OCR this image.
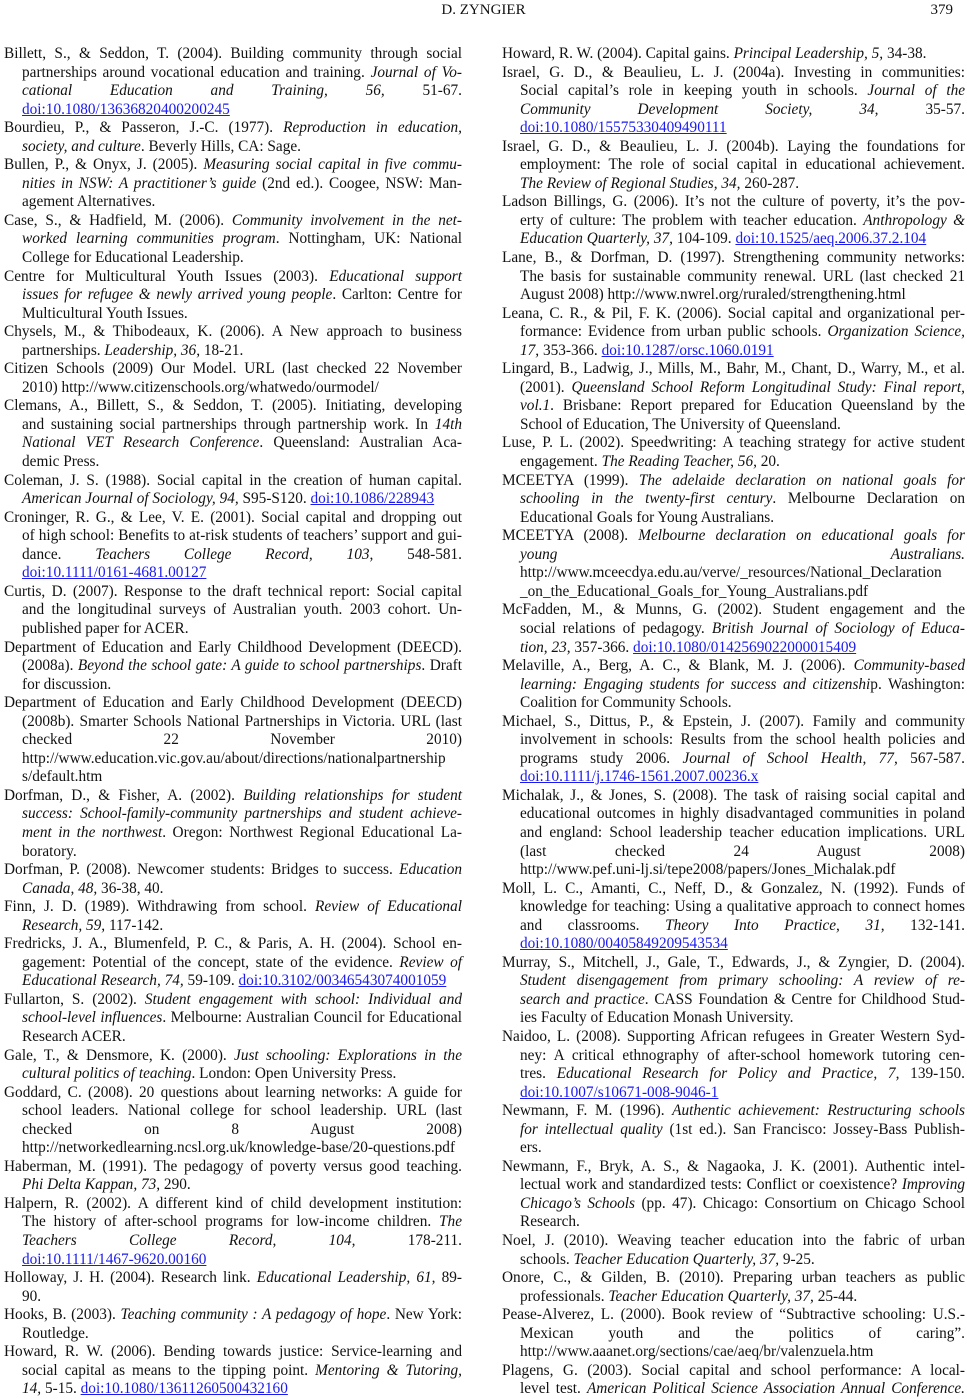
D. ZYNGIER	379
Billett, S., & Seddon, T. (2004). Building community through social
partnerships around vocational education and training. Journal of Vo-
cational Education and Training, 56, 51-67.
doi:10.1080/13636820400200245
Bourdieu, P., & Passeron, J.-C. (1977). Reproduction in education,
society, and culture. Beverly Hills, CA: Sage.
Bullen, P., & Onyx, J. (2005). Measuring social capital in five commu-
nities in NSW: A practitioner’s guide (2nd ed.). Coogee, NSW: Man-
agement Alternatives.
Case, S., & Hadfield, M. (2006). Community involvement in the net-
worked learning communities program. Nottingham, UK: National
College for Educational Leadership.
Centre for Multicultural Youth Issues (2003). Educational support
issues for refugee & newly arrived young people. Carlton: Centre for
Multicultural Youth Issues.
Chysels, M., & Thibodeaux, K. (2006). A New approach to business
partnerships. Leadership, 36, 18-21.
Citizen Schools (2009) Our Model. URL (last checked 22 November
2010) http://www.citizenschools.org/whatwedo/ourmodel/
Clemans, A., Billett, S., & Seddon, T. (2005). Initiating, developing
and sustaining social partnerships through partnership work. In 14th
National VET Research Conference. Queensland: Australian Aca-
demic Press.
Coleman, J. S. (1988). Social capital in the creation of human capital.
American Journal of Sociology, 94, S95-S120. doi:10.1086/228943
Croninger, R. G., & Lee, V. E. (2001). Social capital and dropping out
of high school: Benefits to at-risk students of teachers’ support and gui-
dance. Teachers College Record, 103, 548-581.
doi:10.1111/0161-4681.00127
Curtis, D. (2007). Response to the draft technical report: Social capital
and the longitudinal surveys of Australian youth. 2003 cohort. Un-
published paper for ACER.
Department of Education and Early Childhood Development (DEECD).
(2008a). Beyond the school gate: A guide to school partnerships. Draft
for discussion.
Department of Education and Early Childhood Development (DEECD)
(2008b). Smarter Schools National Partnerships in Victoria. URL (last
checked 22 November 2010)
http://www.education.vic.gov.au/about/directions/nationalpartnership
s/default.htm
Dorfman, D., & Fisher, A. (2002). Building relationships for student
success: School-family-community partnerships and student achieve-
ment in the northwest. Oregon: Northwest Regional Educational La-
boratory.
Dorfman, P. (2008). Newcomer students: Bridges to success. Education
Canada, 48, 36-38, 40.
Finn, J. D. (1989). Withdrawing from school. Review of Educational
Research, 59, 117-142.
Fredricks, J. A., Blumenfeld, P. C., & Paris, A. H. (2004). School en-
gagement: Potential of the concept, state of the evidence. Review of
Educational Research, 74, 59-109. doi:10.3102/00346543074001059
Fullarton, S. (2002). Student engagement with school: Individual and
school-level influences. Melbourne: Australian Council for Educational
Research ACER.
Gale, T., & Densmore, K. (2000). Just schooling: Explorations in the
cultural politics of teaching. London: Open University Press.
Goddard, C. (2008). 20 questions about learning networks: A guide for
school leaders. National college for school leadership. URL (last
checked on 8 August 2008)
http://networkedlearning.ncsl.org.uk/knowledge-base/20-questions.pdf
Haberman, M. (1991). The pedagogy of poverty versus good teaching.
Phi Delta Kappan, 73, 290.
Halpern, R. (2002). A different kind of child development institution:
The history of after-school programs for low-income children. The
Teachers College Record, 104, 178-211.
doi:10.1111/1467-9620.00160
Holloway, J. H. (2004). Research link. Educational Leadership, 61, 89-
90.
Hooks, B. (2003). Teaching community : A pedagogy of hope. New York:
Routledge.
Howard, R. W. (2006). Bending towards justice: Service-learning and
social capital as means to the tipping point. Mentoring & Tutoring,
14, 5-15. doi:10.1080/13611260500432160
Howard, R. W. (2004). Capital gains. Principal Leadership, 5, 34-38.
Israel, G. D., & Beaulieu, L. J. (2004a). Investing in communities:
Social capital’s role in keeping youth in schools. Journal of the
Community Development Society, 34, 35-57.
doi:10.1080/15575330409490111
Israel, G. D., & Beaulieu, L. J. (2004b). Laying the foundations for
employment: The role of social capital in educational achievement.
The Review of Regional Studies, 34, 260-287.
Ladson Billings, G. (2006). It’s not the culture of poverty, it’s the pov-
erty of culture: The problem with teacher education. Anthropology &
Education Quarterly, 37, 104-109. doi:10.1525/aeq.2006.37.2.104
Lane, B., & Dorfman, D. (1997). Strengthening community networks:
The basis for sustainable community renewal. URL (last checked 21
August 2008) http://www.nwrel.org/ruraled/strengthening.html
Leana, C. R., & Pil, F. K. (2006). Social capital and organizational per-
formance: Evidence from urban public schools. Organization Science,
17, 353-366. doi:10.1287/orsc.1060.0191
Lingard, B., Ladwig, J., Mills, M., Bahr, M., Chant, D., Warry, M., et al.
(2001). Queensland School Reform Longitudinal Study: Final report,
vol.1. Brisbane: Report prepared for Education Queensland by the
School of Education, The University of Queensland.
Luse, P. L. (2002). Speedwriting: A teaching strategy for active student
engagement. The Reading Teacher, 56, 20.
MCEETYA (1999). The adelaide declaration on national goals for
schooling in the twenty-first century. Melbourne Declaration on
Educational Goals for Young Australians.
MCEETYA (2008). Melbourne declaration on educational goals for
young Australians.
http://www.mceecdya.edu.au/verve/_resources/National_Declaration
_on_the_Educational_Goals_for_Young_Australians.pdf
McFadden, M., & Munns, G. (2002). Student engagement and the
social relations of pedagogy. British Journal of Sociology of Educa-
tion, 23, 357-366. doi:10.1080/0142569022000015409
Melaville, A., Berg, A. C., & Blank, M. J. (2006). Community-based
learning: Engaging students for success and citizenship. Washington:
Coalition for Community Schools.
Michael, S., Dittus, P., & Epstein, J. (2007). Family and community
involvement in schools: Results from the school health policies and
programs study 2006. Journal of School Health, 77, 567-587.
doi:10.1111/j.1746-1561.2007.00236.x
Michalak, J., & Jones, S. (2008). The task of raising social capital and
educational outcomes in highly disadvantaged communities in poland
and england: School leadership teacher education implications. URL
(last checked 24 August 2008)
http://www.pef.uni-lj.si/tepe2008/papers/Jones_Michalak.pdf
Moll, L. C., Amanti, C., Neff, D., & Gonzalez, N. (1992). Funds of
knowledge for teaching: Using a qualitative approach to connect homes
and classrooms. Theory Into Practice, 31, 132-141.
doi:10.1080/00405849209543534
Murray, S., Mitchell, J., Gale, T., Edwards, J., & Zyngier, D. (2004).
Student disengagement from primary schooling: A review of re-
search and practice. CASS Foundation & Centre for Childhood Stud-
ies Faculty of Education Monash University.
Naidoo, L. (2008). Supporting African refugees in Greater Western Syd-
ney: A critical ethnography of after-school homework tutoring cen-
tres. Educational Research for Policy and Practice, 7, 139-150.
doi:10.1007/s10671-008-9046-1
Newmann, F. M. (1996). Authentic achievement: Restructuring schools
for intellectual quality (1st ed.). San Francisco: Jossey-Bass Publish-
ers.
Newmann, F., Bryk, A. S., & Nagaoka, J. K. (2001). Authentic intel-
lectual work and standardized tests: Conflict or coexistence? Improving
Chicago’s Schools (pp. 47). Chicago: Consortium on Chicago School
Research.
Noel, J. (2010). Weaving teacher education into the fabric of urban
schools. Teacher Education Quarterly, 37, 9-25.
Onore, C., & Gilden, B. (2010). Preparing urban teachers as public
professionals. Teacher Education Quarterly, 37, 25-44.
Pease-Alverez, L. (2000). Book review of “Subtractive schooling: U.S.-
Mexican youth and the politics of caring”.
http://www.aaanet.org/sections/cae/aeq/br/valenzuela.htm
Plagens, G. (2003). Social capital and school performance: A local-
level test. American Political Science Association Annual Conference.
